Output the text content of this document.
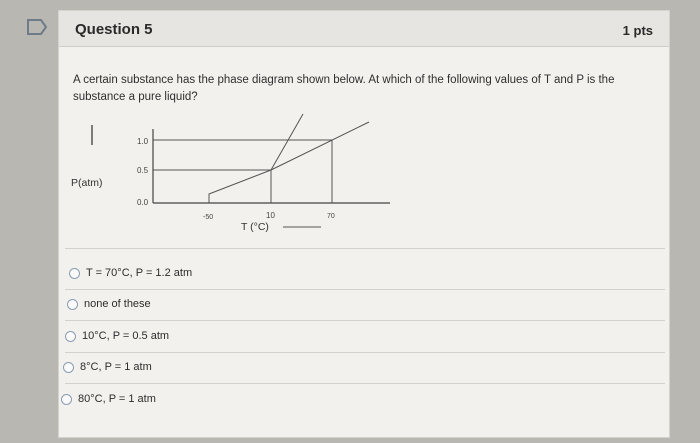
Question 5	1 pts
A certain substance has the phase diagram shown below. At which of the following values of T and P is the substance a pure liquid?
P(atm)
1.0
0.5
0.0
-50	10	70
T (°C)
T = 70°C, P = 1.2 atm
none of these
10°C, P = 0.5 atm
8°C, P = 1 atm
80°C, P = 1 atm
